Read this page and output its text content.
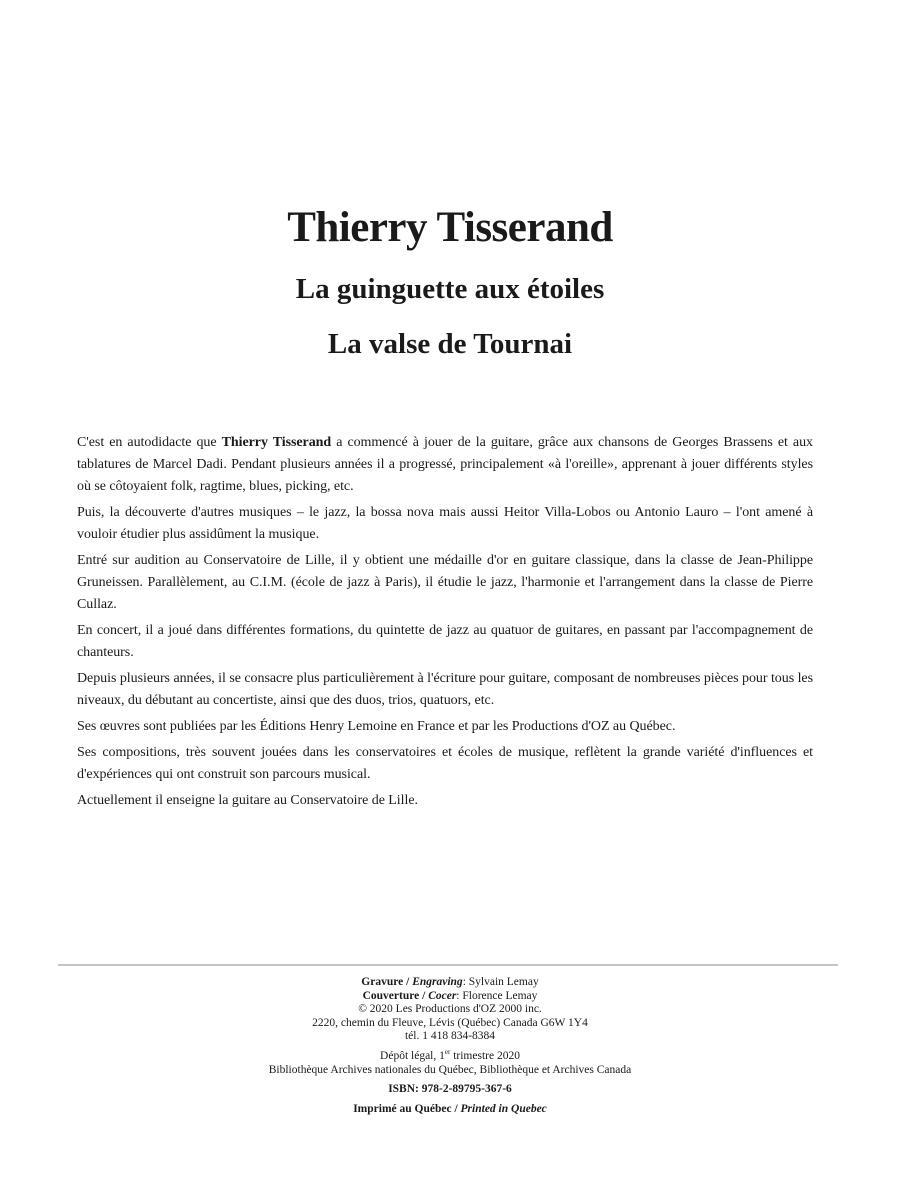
Thierry Tisserand
La guinguette aux étoiles
La valse de Tournai

C'est en autodidacte que Thierry Tisserand a commencé à jouer de la guitare, grâce aux chansons de Georges Brassens et aux tablatures de Marcel Dadi. Pendant plusieurs années il a progressé, principalement «à l'oreille», apprenant à jouer différents styles où se côtoyaient folk, ragtime, blues, picking, etc.

Puis, la découverte d'autres musiques – le jazz, la bossa nova mais aussi Heitor Villa-Lobos ou Antonio Lauro – l'ont amené à vouloir étudier plus assidûment la musique.

Entré sur audition au Conservatoire de Lille, il y obtient une médaille d'or en guitare classique, dans la classe de Jean-Philippe Gruneissen. Parallèlement, au C.I.M. (école de jazz à Paris), il étudie le jazz, l'harmonie et l'arrangement dans la classe de Pierre Cullaz.

En concert, il a joué dans différentes formations, du quintette de jazz au quatuor de guitares, en passant par l'accompagnement de chanteurs.

Depuis plusieurs années, il se consacre plus particulièrement à l'écriture pour guitare, composant de nombreuses pièces pour tous les niveaux, du débutant au concertiste, ainsi que des duos, trios, quatuors, etc.

Ses œuvres sont publiées par les Éditions Henry Lemoine en France et par les Productions d'OZ au Québec.

Ses compositions, très souvent jouées dans les conservatoires et écoles de musique, reflètent la grande variété d'influences et d'expériences qui ont construit son parcours musical.

Actuellement il enseigne la guitare au Conservatoire de Lille.

Gravure / Engraving: Sylvain Lemay
Couverture / Cocer: Florence Lemay
© 2020 Les Productions d'OZ 2000 inc.
2220, chemin du Fleuve, Lévis (Québec) Canada G6W 1Y4
tél. 1 418 834-8384
Dépôt légal, 1er trimestre 2020
Bibliothèque Archives nationales du Québec, Bibliothèque et Archives Canada
ISBN: 978-2-89795-367-6
Imprimé au Québec / Printed in Quebec
